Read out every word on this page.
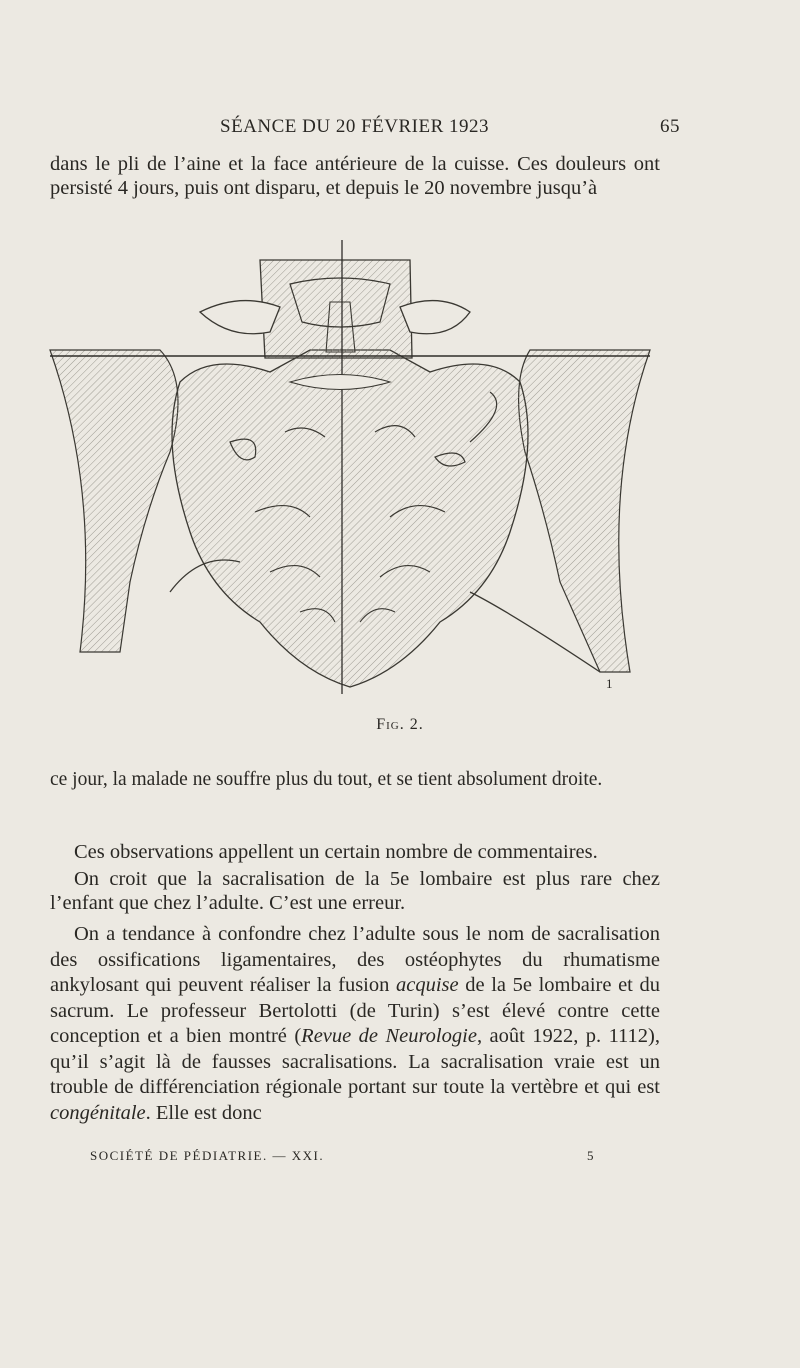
SÉANCE DU 20 FÉVRIER 1923	65
dans le pli de l’aine et la face antérieure de la cuisse. Ces douleurs ont persisté 4 jours, puis ont disparu, et depuis le 20 novembre jusqu’à
1
Fig. 2.
ce jour, la malade ne souffre plus du tout, et se tient absolument droite.
Ces observations appellent un certain nombre de commentaires.
On croit que la sacralisation de la 5e lombaire est plus rare chez l’enfant que chez l’adulte. C’est une erreur.
On a tendance à confondre chez l’adulte sous le nom de sacralisation des ossifications ligamentaires, des ostéophytes du rhumatisme ankylosant qui peuvent réaliser la fusion acquise de la 5e lombaire et du sacrum. Le professeur Bertolotti (de Turin) s’est élevé contre cette conception et a bien montré (Revue de Neurologie, août 1922, p. 1112), qu’il s’agit là de fausses sacralisations. La sacralisation vraie est un trouble de différenciation régionale portant sur toute la vertèbre et qui est congénitale. Elle est donc
SOCIÉTÉ DE PÉDIATRIE. — XXI.	5
